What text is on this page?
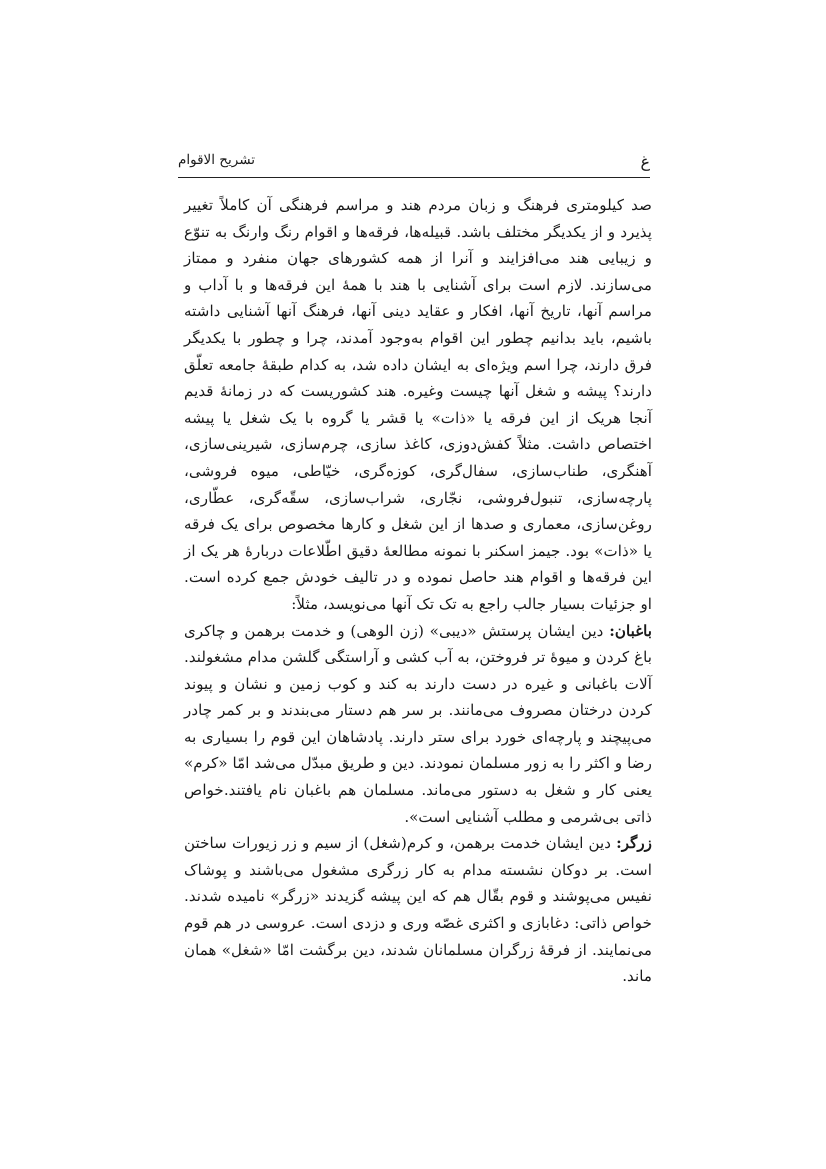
غ
تشریح الاقوام

صد کیلومتری فرهنگ و زبان مردم هند و مراسم فرهنگی آن کاملاً تغییر پذیرد و از یکدیگر مختلف باشد. قبیله‌ها، فرقه‌ها و اقوام رنگ وارنگ به تنوّع و زیبایی هند می‌افزایند و آنرا از همه کشورهای جهان منفرد و ممتاز می‌سازند. لازم است برای آشنایی با هند با همهٔ این فرقه‌ها و با آداب و مراسم آنها، تاریخ آنها، افکار و عقاید دینی آنها، فرهنگ آنها آشنایی داشته باشیم، باید بدانیم چطور این اقوام به‌وجود آمدند، چرا و چطور با یکدیگر فرق دارند، چرا اسم ویژه‌ای به ایشان داده شد، به کدام طبقهٔ جامعه تعلّق دارند؟ پیشه و شغل آنها چیست وغیره. هند کشوریست که در زمانهٔ قدیم آنجا هریک از این فرقه یا «ذات» یا قشر یا گروه با یک شغل یا پیشه اختصاص داشت. مثلاً کفش‌دوزی، کاغذ سازی، چرم‌سازی، شیرینی‌سازی، آهنگری، طناب‌سازی، سفال‌گری، کوزه‌گری، خیّاطی، میوه فروشی، پارچه‌سازی، تنبول‌فروشی، نجّاری، شراب‌سازی، سقّه‌گری، عطّاری، روغن‌سازی، معماری و صدها از این شغل و کارها مخصوص برای یک فرقه یا «ذات» بود. جیمز اسکنر با نمونه مطالعهٔ دقیق اطّلاعات دربارهٔ هر یک از این فرقه‌ها و اقوام هند حاصل نموده و در تالیف خودش جمع کرده است. او جزئیات بسیار جالب راجع به تک تک آنها می‌نویسد، مثلاً:

باغبان: دین ایشان پرستش «دیبی» (زن الوهی) و خدمت برهمن و چاکری باغ کردن و میوهٔ تر فروختن، به آب کشی و آراستگی گلشن مدام مشغولند. آلات باغبانی و غیره در دست دارند به کند و کوب زمین و نشان و پیوند کردن درختان مصروف می‌مانند. بر سر هم دستار می‌بندند و بر کمر چادر می‌پیچند و پارچه‌ای خورد برای ستر دارند. پادشاهان این قوم را بسیاری به رضا و اکثر را به زور مسلمان نمودند. دین و طریق مبدّل می‌شد امّا «کرم» یعنی کار و شغل به دستور می‌ماند. مسلمان هم باغبان نام یافتند.خواص ذاتی بی‌شرمی و مطلب آشنایی است».

زرگر: دین ایشان خدمت برهمن، و کرم(شغل) از سیم و زر زیورات ساختن است. بر دوکان نشسته مدام به کار زرگری مشغول می‌باشند و پوشاک نفیس می‌پوشند و قوم بقّال هم که این پیشه گزیدند «زرگر» نامیده شدند. خواص ذاتی: دغابازی و اکثری غصّه وری و دزدی است. عروسی در هم قوم می‌نمایند. از فرقهٔ زرگران مسلمانان شدند، دین برگشت امّا «شغل» همان ماند.
